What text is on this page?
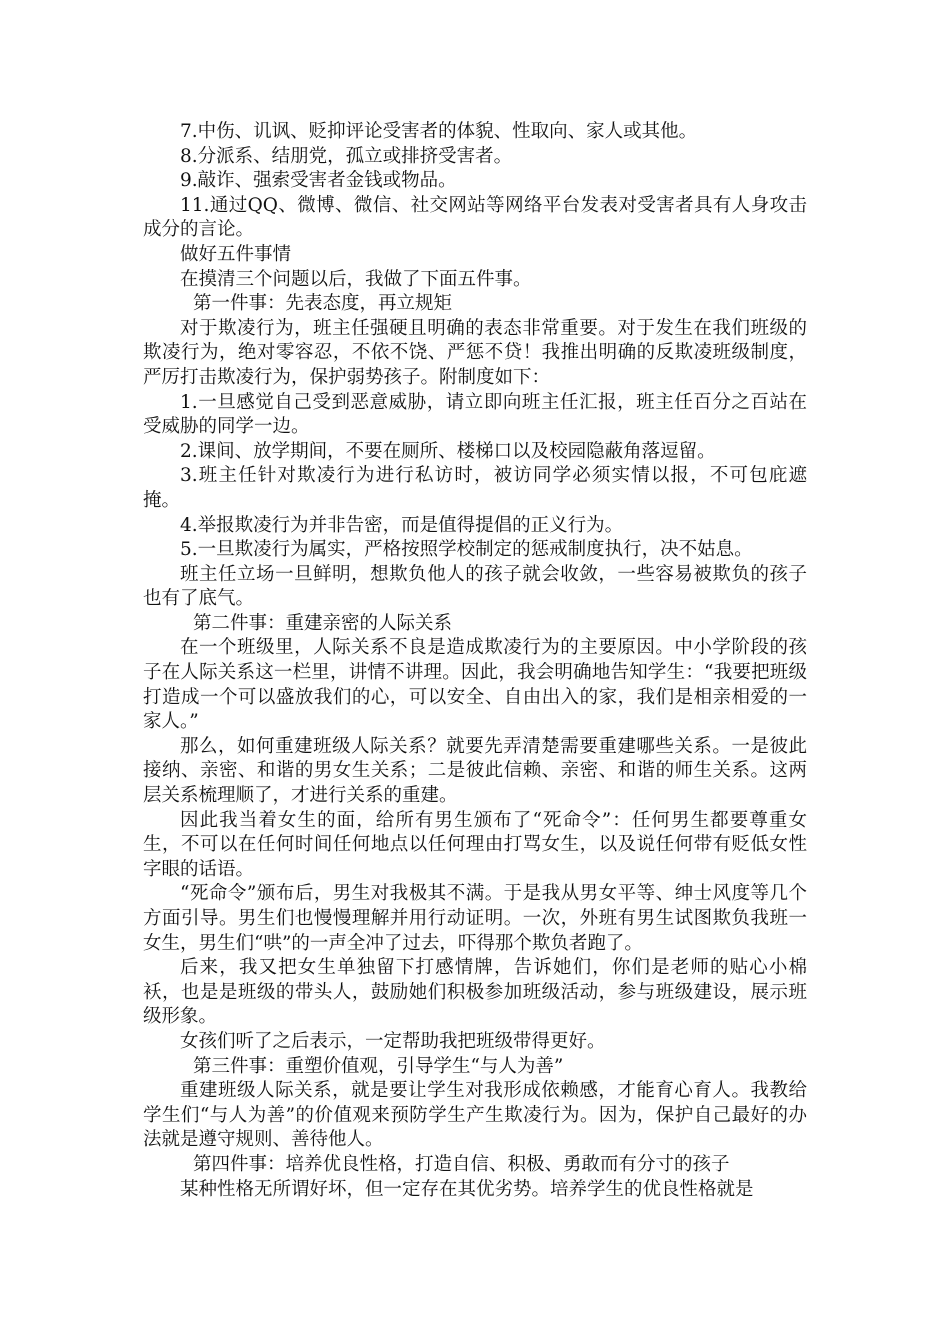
7.中伤、讥讽、贬抑评论受害者的体貌、性取向、家人或其他。

8.分派系、结朋党，孤立或排挤受害者。

9.敲诈、强索受害者金钱或物品。

11.通过QQ、微博、微信、社交网站等网络平台发表对受害者具有人身攻击成分的言论。

做好五件事情

在摸清三个问题以后，我做了下面五件事。

第一件事：先表态度，再立规矩

对于欺凌行为，班主任强硬且明确的表态非常重要。对于发生在我们班级的欺凌行为，绝对零容忍，不依不饶、严惩不贷！我推出明确的反欺凌班级制度，严厉打击欺凌行为，保护弱势孩子。附制度如下：

1.一旦感觉自己受到恶意威胁，请立即向班主任汇报，班主任百分之百站在受威胁的同学一边。

2.课间、放学期间，不要在厕所、楼梯口以及校园隐蔽角落逗留。

3.班主任针对欺凌行为进行私访时，被访同学必须实情以报，不可包庇遮掩。

4.举报欺凌行为并非告密，而是值得提倡的正义行为。

5.一旦欺凌行为属实，严格按照学校制定的惩戒制度执行，决不姑息。

班主任立场一旦鲜明，想欺负他人的孩子就会收敛，一些容易被欺负的孩子也有了底气。

第二件事：重建亲密的人际关系

在一个班级里，人际关系不良是造成欺凌行为的主要原因。中小学阶段的孩子在人际关系这一栏里，讲情不讲理。因此，我会明确地告知学生：“我要把班级打造成一个可以盛放我们的心，可以安全、自由出入的家，我们是相亲相爱的一家人。”

那么，如何重建班级人际关系？就要先弄清楚需要重建哪些关系。一是彼此接纳、亲密、和谐的男女生关系；二是彼此信赖、亲密、和谐的师生关系。这两层关系梳理顺了，才进行关系的重建。

因此我当着女生的面，给所有男生颁布了“死命令”：任何男生都要尊重女生，不可以在任何时间任何地点以任何理由打骂女生，以及说任何带有贬低女性字眼的话语。

“死命令”颁布后，男生对我极其不满。于是我从男女平等、绅士风度等几个方面引导。男生们也慢慢理解并用行动证明。一次，外班有男生试图欺负我班一女生，男生们“哄”的一声全冲了过去，吓得那个欺负者跑了。

后来，我又把女生单独留下打感情牌，告诉她们，你们是老师的贴心小棉袄，也是是班级的带头人，鼓励她们积极参加班级活动，参与班级建设，展示班级形象。

女孩们听了之后表示，一定帮助我把班级带得更好。

第三件事：重塑价值观，引导学生“与人为善”

重建班级人际关系，就是要让学生对我形成依赖感，才能育心育人。我教给学生们“与人为善”的价值观来预防学生产生欺凌行为。因为，保护自己最好的办法就是遵守规则、善待他人。

第四件事：培养优良性格，打造自信、积极、勇敢而有分寸的孩子

某种性格无所谓好坏，但一定存在其优劣势。培养学生的优良性格就是
